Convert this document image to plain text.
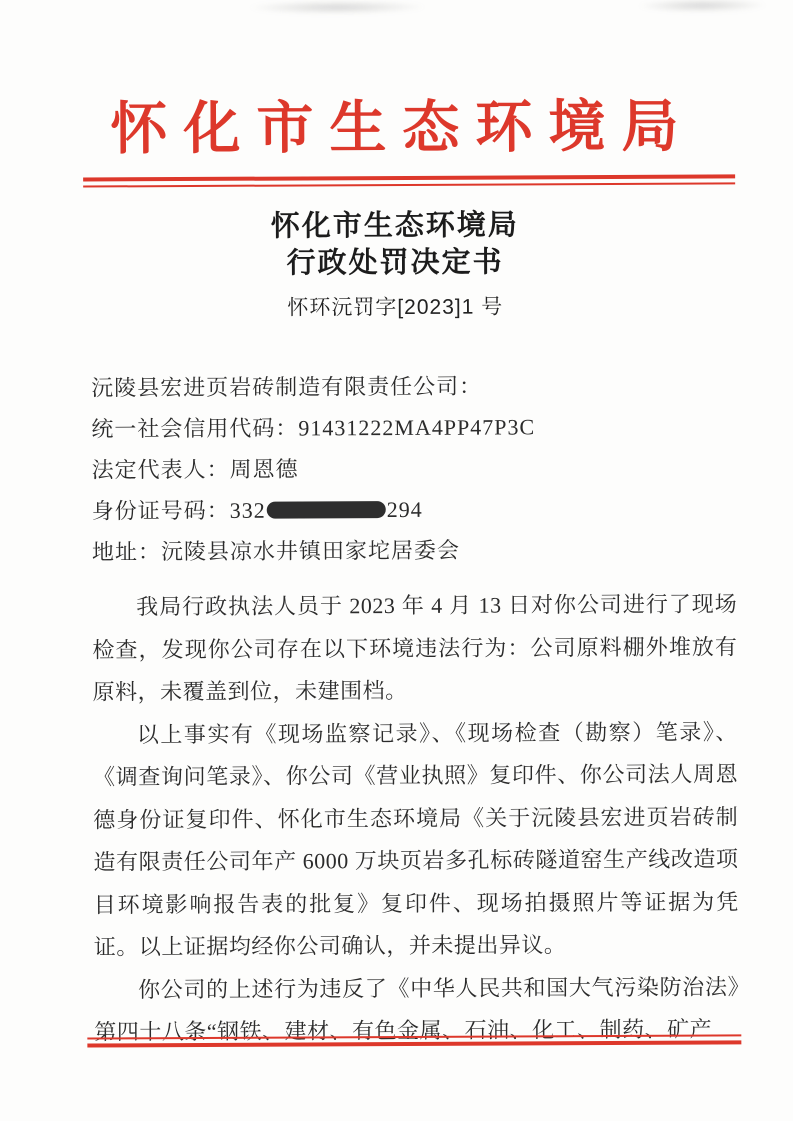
怀化市生态环境局
怀化市生态环境局
行政处罚决定书
怀环沅罚字[2023]1 号
沅陵县宏进页岩砖制造有限责任公司：
统一社会信用代码：91431222MA4PP47P3C
法定代表人：周恩德
身份证号码：332	294
地址：沅陵县凉水井镇田家坨居委会

我局行政执法人员于 2023 年 4 月 13 日对你公司进行了现场检查，发现你公司存在以下环境违法行为：公司原料棚外堆放有原料，未覆盖到位，未建围档。

以上事实有《现场监察记录》、《现场检查（勘察）笔录》、《调查询问笔录》、你公司《营业执照》复印件、你公司法人周恩德身份证复印件、怀化市生态环境局《关于沅陵县宏进页岩砖制造有限责任公司年产 6000 万块页岩多孔标砖隧道窑生产线改造项目环境影响报告表的批复》复印件、现场拍摄照片等证据为凭证。以上证据均经你公司确认，并未提出异议。

你公司的上述行为违反了《中华人民共和国大气污染防治法》第四十八条“钢铁、建材、有色金属、石油、化工、制药、矿产
